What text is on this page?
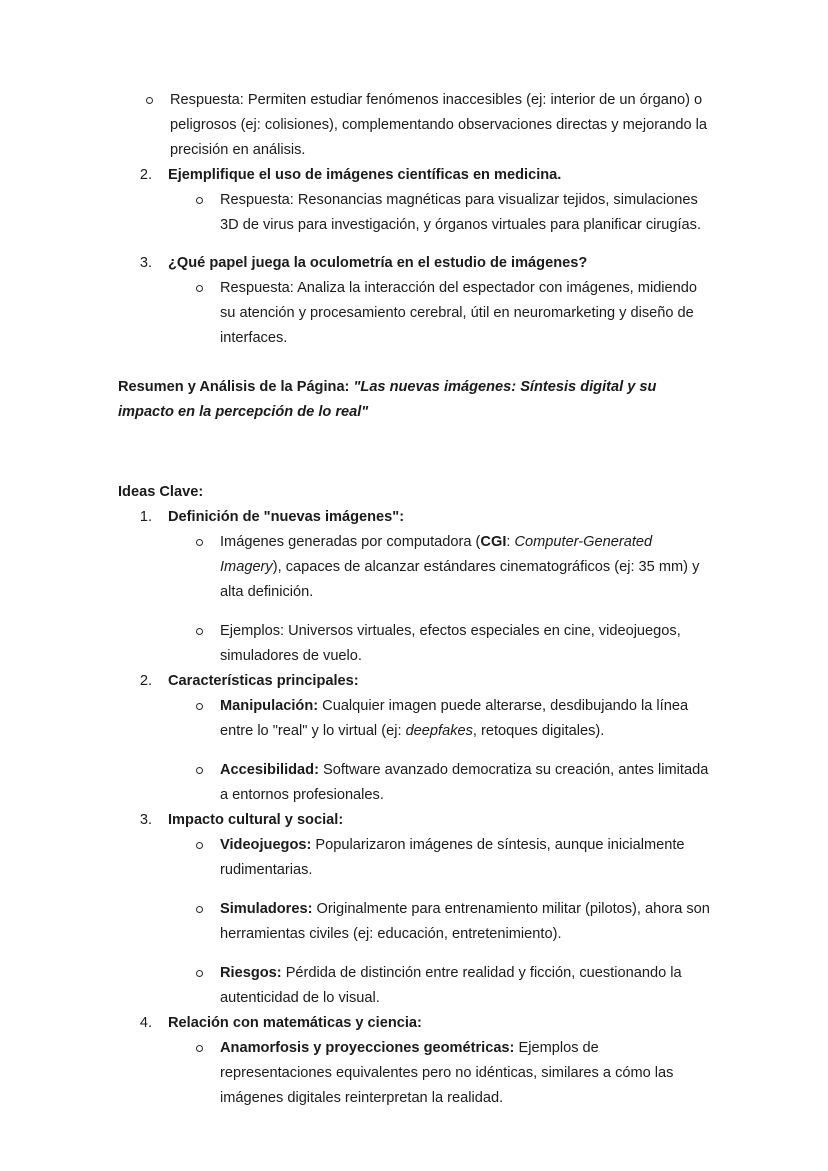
Respuesta: Permiten estudiar fenómenos inaccesibles (ej: interior de un órgano) o peligrosos (ej: colisiones), complementando observaciones directas y mejorando la precisión en análisis.

2. Ejemplifique el uso de imágenes científicas en medicina.

Respuesta: Resonancias magnéticas para visualizar tejidos, simulaciones 3D de virus para investigación, y órganos virtuales para planificar cirugías.

3. ¿Qué papel juega la oculometría en el estudio de imágenes?

Respuesta: Analiza la interacción del espectador con imágenes, midiendo su atención y procesamiento cerebral, útil en neuromarketing y diseño de interfaces.

Resumen y Análisis de la Página: "Las nuevas imágenes: Síntesis digital y su impacto en la percepción de lo real"

Ideas Clave:

1. Definición de "nuevas imágenes":

Imágenes generadas por computadora (CGI: Computer-Generated Imagery), capaces de alcanzar estándares cinematográficos (ej: 35 mm) y alta definición.

Ejemplos: Universos virtuales, efectos especiales en cine, videojuegos, simuladores de vuelo.

2. Características principales:

Manipulación: Cualquier imagen puede alterarse, desdibujando la línea entre lo "real" y lo virtual (ej: deepfakes, retoques digitales).

Accesibilidad: Software avanzado democratiza su creación, antes limitada a entornos profesionales.

3. Impacto cultural y social:

Videojuegos: Popularizaron imágenes de síntesis, aunque inicialmente rudimentarias.

Simuladores: Originalmente para entrenamiento militar (pilotos), ahora son herramientas civiles (ej: educación, entretenimiento).

Riesgos: Pérdida de distinción entre realidad y ficción, cuestionando la autenticidad de lo visual.

4. Relación con matemáticas y ciencia:

Anamorfosis y proyecciones geométricas: Ejemplos de representaciones equivalentes pero no idénticas, similares a cómo las imágenes digitales reinterpretan la realidad.
